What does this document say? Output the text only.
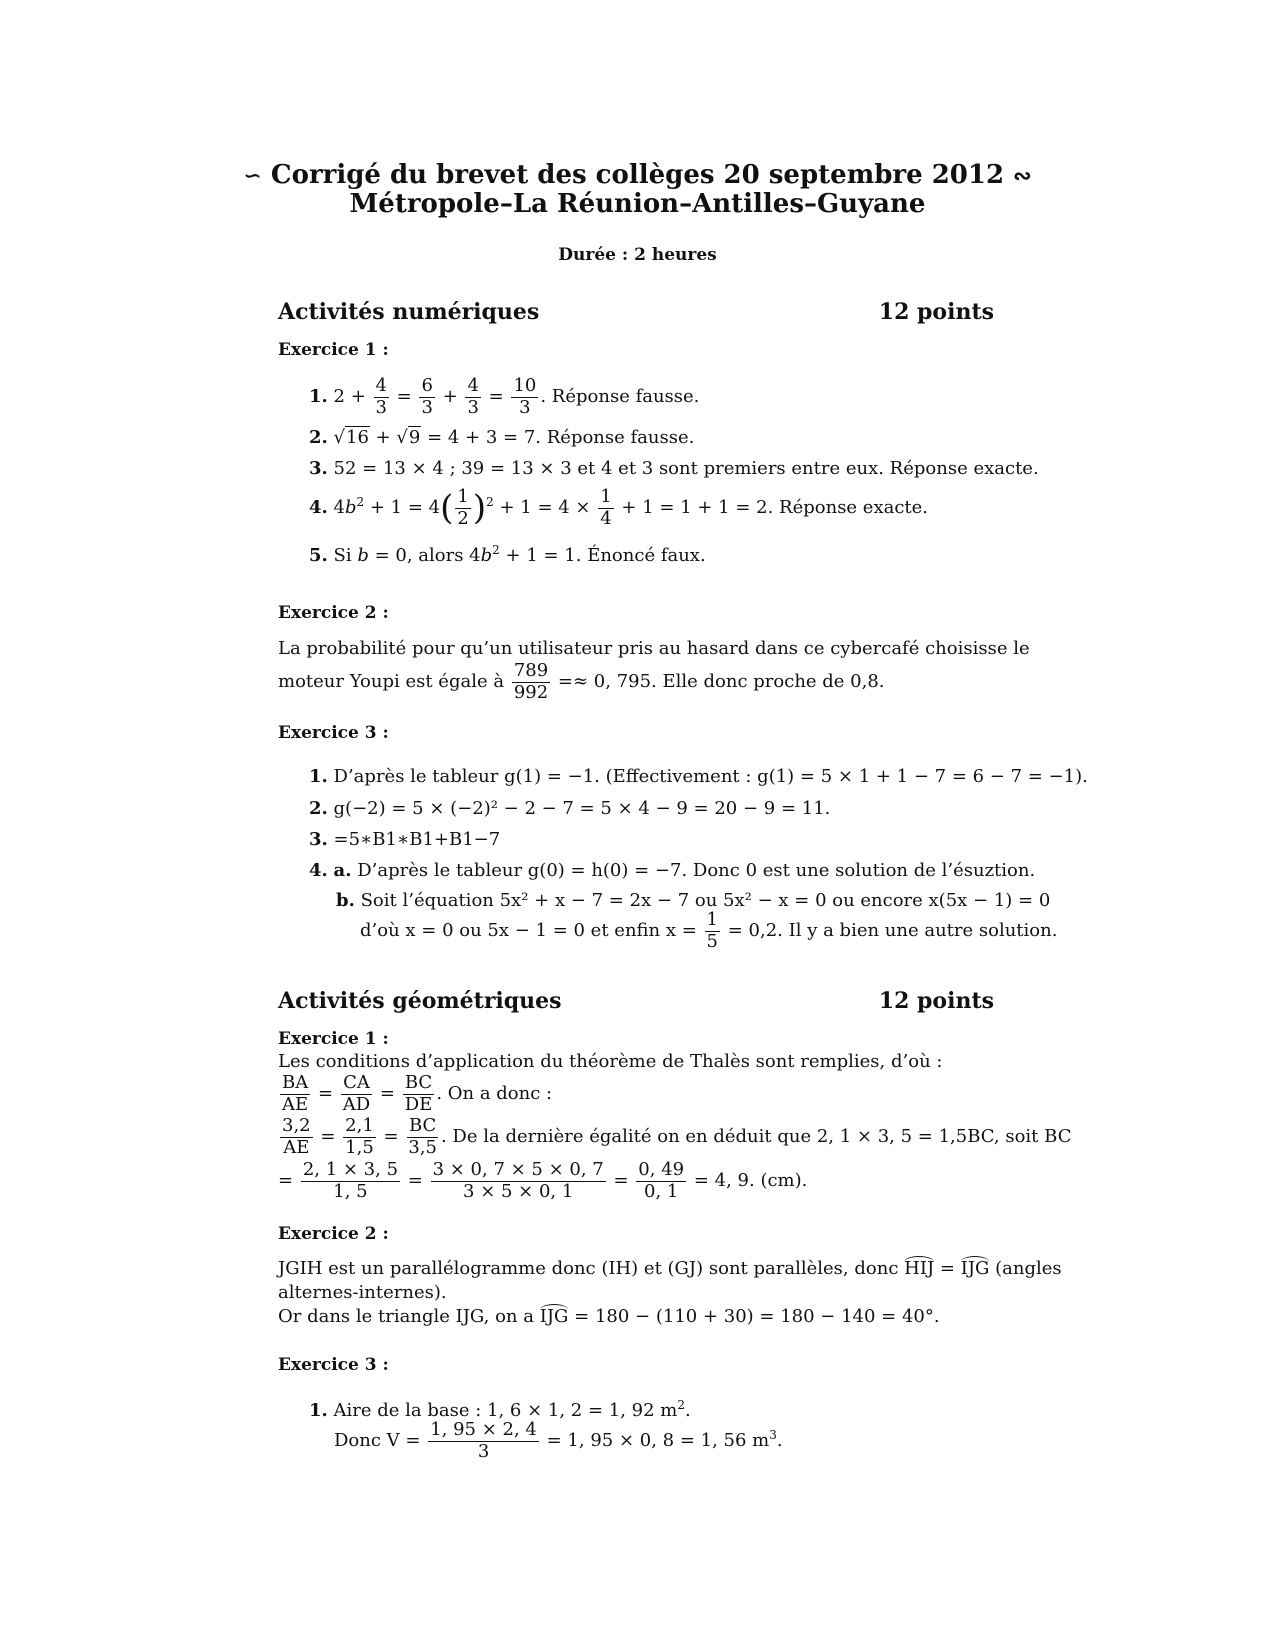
∽ Corrigé du brevet des collèges 20 septembre 2012 ∾
Métropole–La Réunion–Antilles–Guyane
Durée : 2 heures
Activités numériques	12 points
Exercice 1 :
1. $2 + \frac{4}{3} = \frac{6}{3} + \frac{4}{3} = \frac{10}{3}$ . Réponse fausse.
2. √16 + √9 = 4 + 3 = 7. Réponse fausse.
3. 52 = 13 × 4 ; 39 = 13 × 3 et 4 et 3 sont premiers entre eux. Réponse exacte.
4. $4b^2 + 1 = 4( \frac{1}{2} )^2 + 1 = 4 \times \frac{1}{4} + 1 = 1 + 1 = 2$. Réponse exacte.
5. Si b = 0, alors $4b^2 + 1 = 1$. Énoncé faux.
Exercice 2 :
La probabilité pour qu’un utilisateur pris au hasard dans ce cybercafé choisisse le
moteur Youpi est égale à $\frac{789}{992} =\approx 0$, 795. Elle donc proche de 0,8.
Exercice 3 :
1. D’après le tableur g(1) = −1. (Effectivement : g(1) = 5 × 1 + 1 − 7 = 6 − 7 = −1).
2. g(−2) = 5 × (−2)² − 2 − 7 = 5 × 4 − 9 = 20 − 9 = 11.
3. =5∗B1∗B1+B1−7
4. a. D’après le tableur g(0) = h(0) = −7. Donc 0 est une solution de l’ésuztion.
b. Soit l’équation 5x² + x − 7 = 2x − 7 ou 5x² − x = 0 ou encore x(5x − 1) = 0
d’où x = 0 ou 5x − 1 = 0 et enfin $x = \frac{1}{5} = 0,2$. Il y a bien une autre solution.
Activités géométriques	12 points
Exercice 1 :
Les conditions d’application du théorème de Thalès sont remplies, d’où :
$\frac{BA}{AE} = \frac{CA}{AD} = \frac{BC}{DE}$ . On a donc :
$\frac{3,2}{AE} = \frac{2,1}{1,5} = \frac{BC}{3,5}$ . De la dernière égalité on en déduit que 2, 1 × 3, 5 = 1,5BC, soit BC
= $\frac{2, 1 \times 3, 5}{1, 5} = \frac{3 \times 0, 7 \times 5 \times 0, 7}{3 \times 5 \times 0, 1} = \frac{0, 49}{0, 1} = 4$, 9. (cm).
Exercice 2 :
JGIH est un parallélogramme donc (IH) et (GJ) sont parallèles, donc HIJ = IJG (angles
alternes-internes).
Or dans le triangle IJG, on a IJG = 180 − (110 + 30) = 180 − 140 = 40°.
Exercice 3 :
1. Aire de la base : 1, 6 × 1, 2 = 1, 92 $m^2$.
Donc $V = \frac{1, 95 \times 2, 4}{3} = 1$, 95 × 0, 8 = 1, 56 $m^3$.
